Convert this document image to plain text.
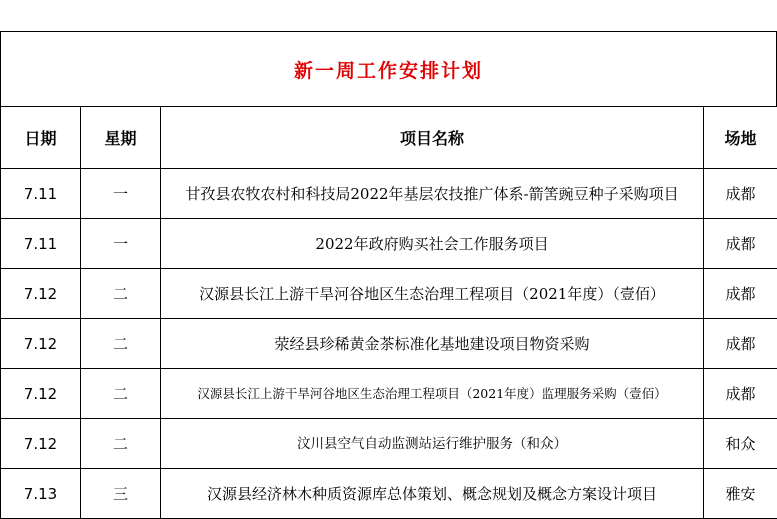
新一周工作安排计划
日期	星期	项目名称	场地
7.11	一	甘孜县农牧农村和科技局2022年基层农技推广体系-箭筈豌豆种子采购项目	成都
7.11	一	2022年政府购买社会工作服务项目	成都
7.12	二	汉源县长江上游干旱河谷地区生态治理工程项目（2021年度）（壹佰）	成都
7.12	二	荥经县珍稀黄金茶标准化基地建设项目物资采购	成都
7.12	二	汉源县长江上游干旱河谷地区生态治理工程项目（2021年度）监理服务采购（壹佰）	成都
7.12	二	汶川县空气自动监测站运行维护服务（和众）	和众
7.13	三	汉源县经济林木种质资源库总体策划、概念规划及概念方案设计项目	雅安
